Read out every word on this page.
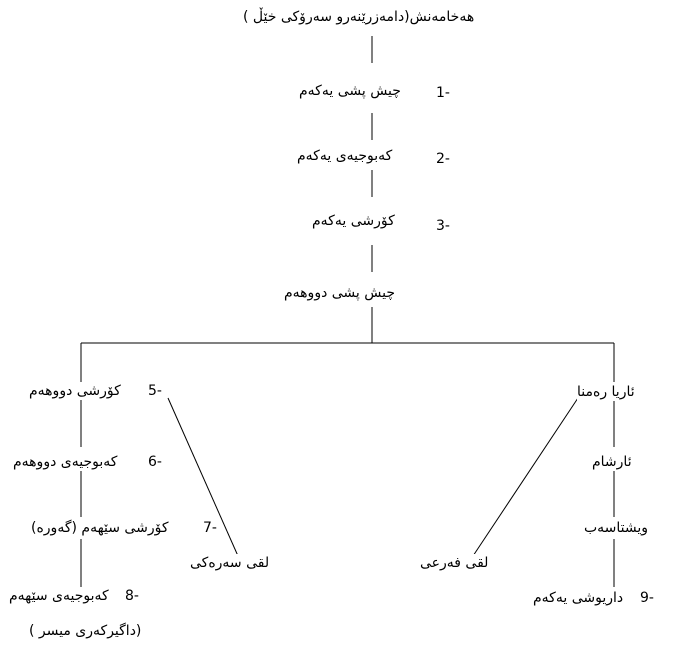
هەخامەنش(دامەزرێنەرو سەرۆکی خێڵ )
چیش پشی یەکەم	1-
کەبوجیەی یەکەم	2-
کۆرشی یەکەم	3-
چیش پشی دووهەم
5-
کۆرشی دووهەم
6-
کەبوجیەی دووهەم
7-
کۆرشی سێهەم (گەورە)
8-
کەبوجیەی سێهەم
(داگیرکەری میسر )
ئاریا رەمنا
ئارشام
ویشتاسەب
داریوشی یەکەم 9-
لقی سەرەکی	لقی فەرعی
